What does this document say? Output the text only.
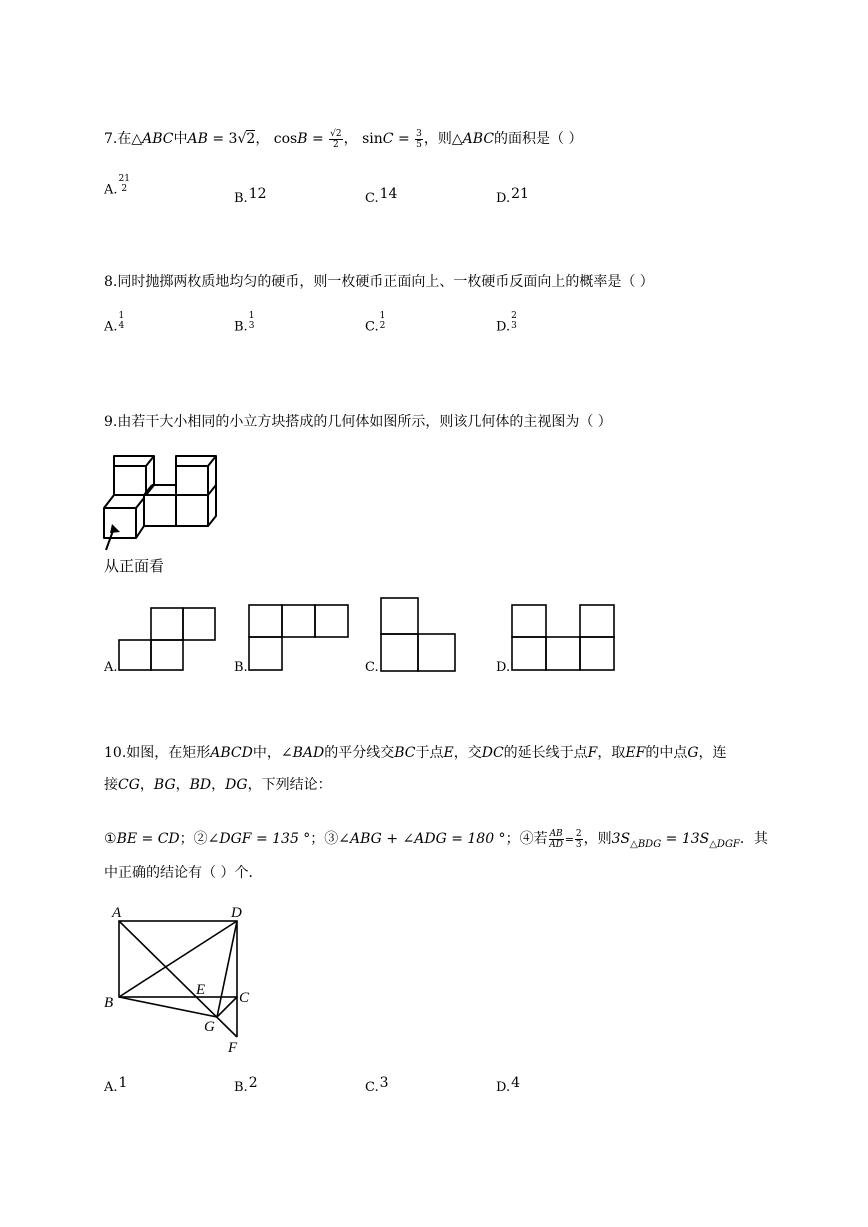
7.在△ABC中AB = 3√2， $\cos B = \frac{√2}{2}$ ， $\sin C = \frac{3}{5}$ ，则△ABC的面积是（ ）
A.
21
2
B.12	C.14	D.21
8.同时抛掷两枚质地均匀的硬币，则一枚硬币正面向上、一枚硬币反面向上的概率是（ ）
A.
1
4	B.
1
3	C.
1
2	D.
2
3
9.由若干大小相同的小立方块搭成的几何体如图所示，则该几何体的主视图为（ ）
从正面看
A.	B.	C.	D.
10.如图，在矩形ABCD中，∠BAD的平分线交BC于点E，交DC的延长线于点F，取EF的中点G，连
接CG，BG，BD，DG，下列结论：
①BE = CD；②∠DGF = 135 °；③∠ABG + ∠ADG = 180 °；④若 $\frac{AB}{AD} = \frac{2}{3}$ ，则$3S_{\triangle BDG} = 13S_{\triangle DGF}$．其
中正确的结论有（ ）个．
A	D
B	C
E
G
F
A.1	B.2	C.3	D.4
